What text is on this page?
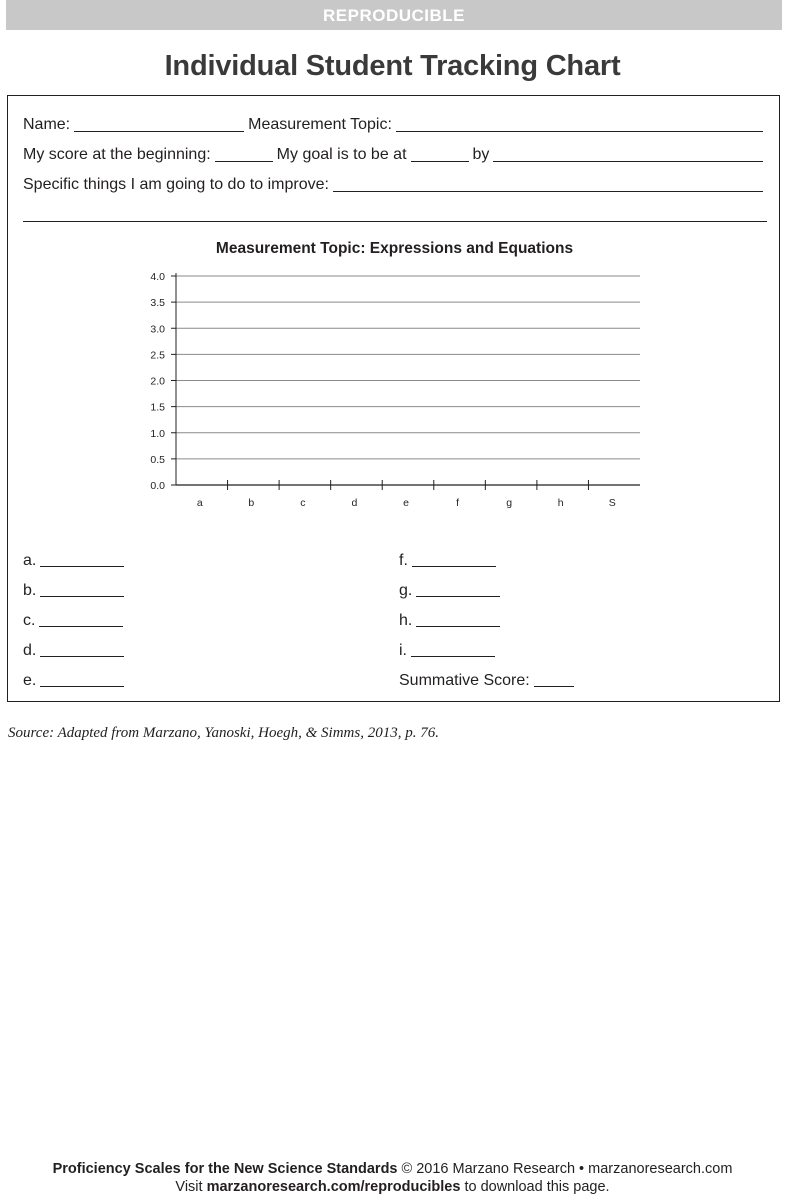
REPRODUCIBLE
Individual Student Tracking Chart
Name:	Measurement Topic:
My score at the beginning:	My goal is to be at	by
Specific things I am going to do to improve:
Measurement Topic: Expressions and Equations
4.0
3.5
3.0
2.5
2.0
1.5
1.0
0.5
0.0
a	b	c	d	e	f	g	h	S
a.
b.
c.
d.
e.
f.
g.
h.
i.
Summative Score:
Source: Adapted from Marzano, Yanoski, Hoegh, & Simms, 2013, p. 76.
Proficiency Scales for the New Science Standards © 2016 Marzano Research • marzanoresearch.com
Visit marzanoresearch.com/reproducibles to download this page.
